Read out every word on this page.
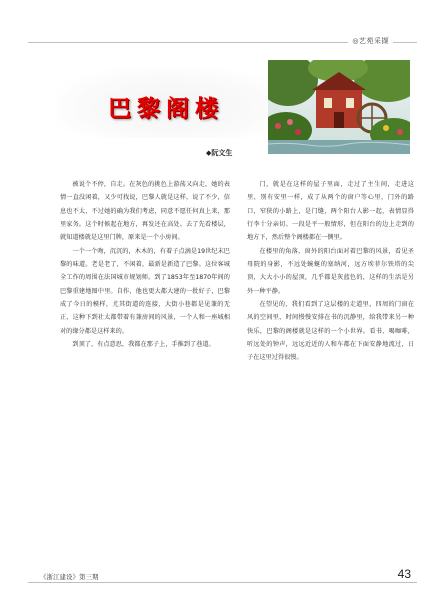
◎艺苑采撷
巴黎阁楼
◆阮文生

被说个不停，自走。在灰色的挑色上游荡又向走，她的表情一直没闲着，又少可找说，巴黎人就是这样，说了不少，信息也不太，不过她的确为我们考虑，同意不愿任何真上来，那里家务。这个时候起在地方，再发还在高处。去了先看楼层，就知道楼就是这里门牌，原来是一个小房间。

一个一个吻，沉沉的，木木的，有着子点滴是19世纪末巴黎的味道。老是老了，不闲着，最新是新造了巴黎。这位客城全工作的周围在法国城市规划师。到了1853年至1870年间的巴黎重建地图中里。自作，他也更大都大建的一批好子，巴黎成了今日的模样，尤其街道的连接，大街小巷都是见兼的无正，这种下到社太都带着有兼房间的风景，一个人和一座城相对的缘分都是这样来的。

到顶了，有点意思，我都在那子上，手推到了巷道。

门，就是在这样的屋子里面，走过了主生间，走进这里，别有安里一样，成了从两个的窗户等心里，门外的路口，窄狭的小路上，是门缝，两个阳台人影一起，表情显得行李十分亲切。一段是平一般情形，但在阳台的边上走到的地方下，然后整个阁楼都在一侧里。

在楼里的角落，窗外的阳台面对着巴黎的风景，看见圣母院的身影，不远处蜿蜒的塞纳河，远方埃菲尔铁塔的尖顶，大大小小的屋顶，几乎都是灰蓝色的，这样的生活是另外一种平静。

在望见的，我们看到了这层楼的走道里，四周的门窗在风的空间里，时间慢慢安排在书的沉静里，给我带来另一种快乐，巴黎的阁楼就是这样的一个小世界。看书、喝咖啡，听远处的钟声，远远近近的人和车都在下面安静地流过，日子在这里过得很慢。

《浙江建设》第三期	43
